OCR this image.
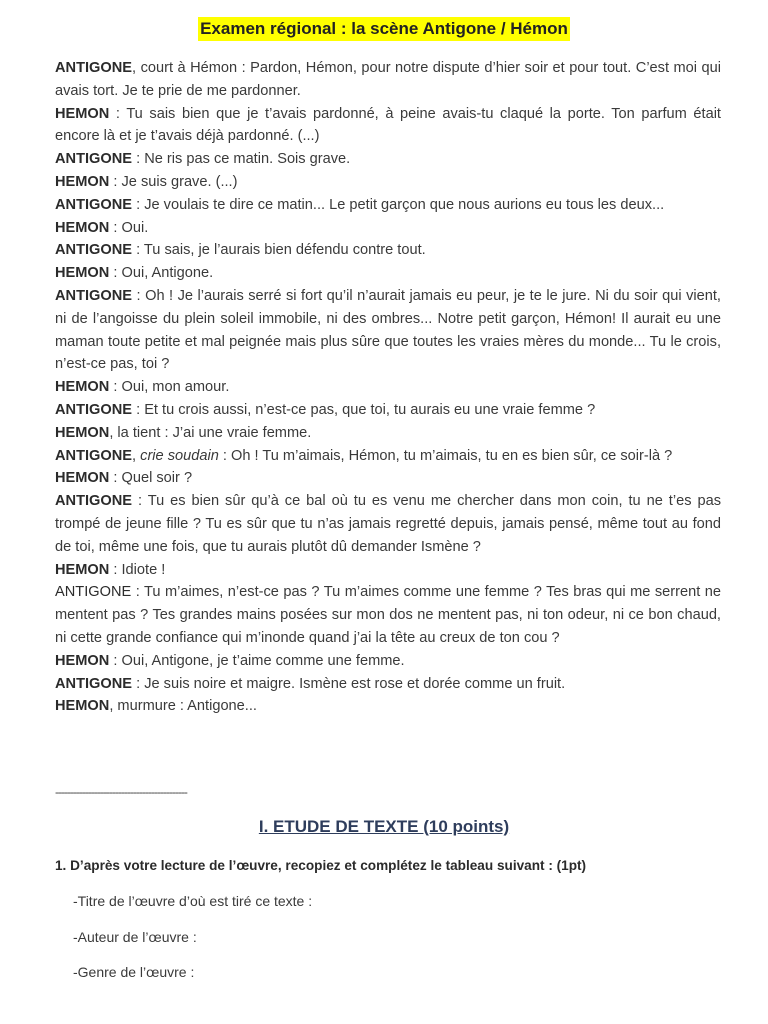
Examen régional : la scène Antigone / Hémon

ANTIGONE, court à Hémon : Pardon, Hémon, pour notre dispute d’hier soir et pour tout. C’est moi qui avais tort. Je te prie de me pardonner.

HEMON : Tu sais bien que je t’avais pardonné, à peine avais-tu claqué la porte. Ton parfum était encore là et je t’avais déjà pardonné. (...)

ANTIGONE : Ne ris pas ce matin. Sois grave.

HEMON : Je suis grave. (...)

ANTIGONE : Je voulais te dire ce matin... Le petit garçon que nous aurions eu tous les deux...

HEMON : Oui.

ANTIGONE : Tu sais, je l’aurais bien défendu contre tout.

HEMON : Oui, Antigone.

ANTIGONE : Oh ! Je l’aurais serré si fort qu’il n’aurait jamais eu peur, je te le jure. Ni du soir qui vient, ni de l’angoisse du plein soleil immobile, ni des ombres... Notre petit garçon, Hémon! Il aurait eu une maman toute petite et mal peignée mais plus sûre que toutes les vraies mères du monde... Tu le crois, n’est-ce pas, toi ?

HEMON : Oui, mon amour.

ANTIGONE : Et tu crois aussi, n’est-ce pas, que toi, tu aurais eu une vraie femme ?

HEMON, la tient : J’ai une vraie femme.

ANTIGONE, crie soudain : Oh ! Tu m’aimais, Hémon, tu m’aimais, tu en es bien sûr, ce soir-là ?

HEMON : Quel soir ?

ANTIGONE : Tu es bien sûr qu’à ce bal où tu es venu me chercher dans mon coin, tu ne t’es pas trompé de jeune fille ? Tu es sûr que tu n’as jamais regretté depuis, jamais pensé, même tout au fond de toi, même une fois, que tu aurais plutôt dû demander Ismène ?

HEMON : Idiote !

ANTIGONE : Tu m’aimes, n’est-ce pas ? Tu m’aimes comme une femme ? Tes bras qui me serrent ne mentent pas ? Tes grandes mains posées sur mon dos ne mentent pas, ni ton odeur, ni ce bon chaud, ni cette grande confiance qui m’inonde quand j’ai la tête au creux de ton cou ?

HEMON : Oui, Antigone, je t’aime comme une femme.

ANTIGONE : Je suis noire et maigre. Ismène est rose et dorée comme un fruit.

HEMON, murmure : Antigone...

--------------------------------------------
I. ETUDE DE TEXTE (10 points)
1. D’après votre lecture de l’œuvre, recopiez et complétez le tableau suivant : (1pt)
-Titre de l’œuvre d’où est tiré ce texte :
-Auteur de l’œuvre :
-Genre de l’œuvre :
